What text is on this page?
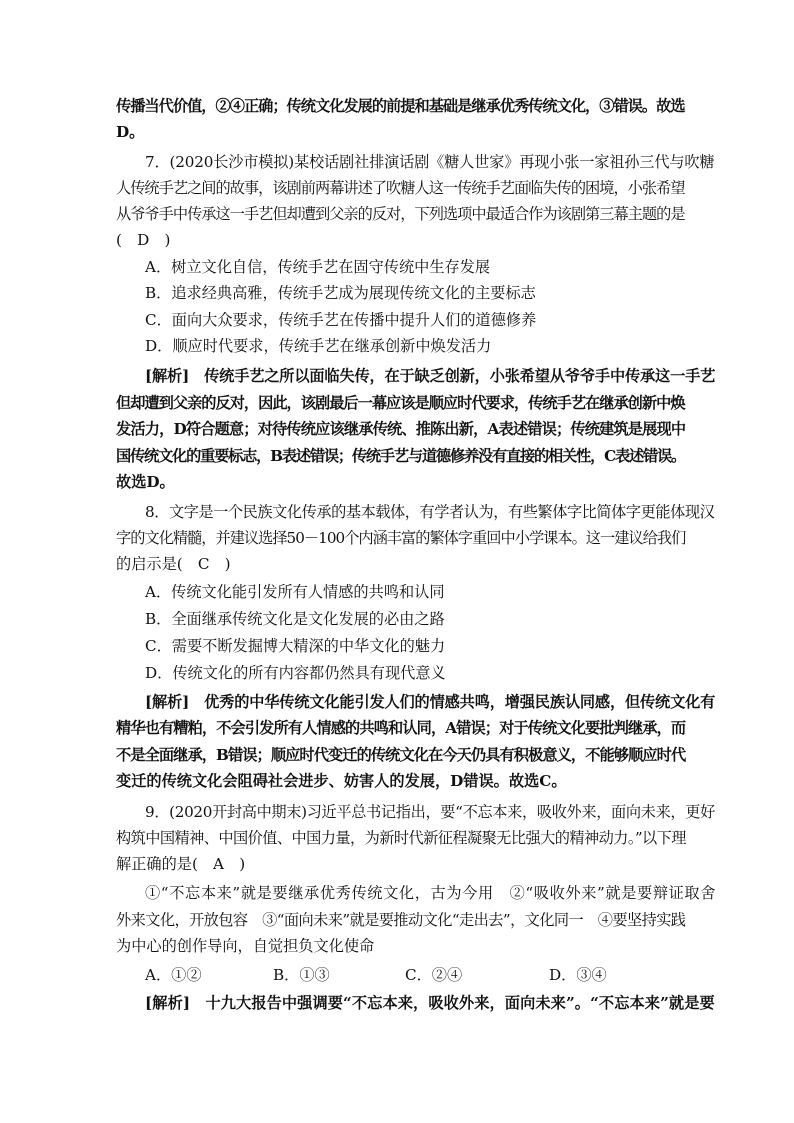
传播当代价值，②④正确；传统文化发展的前提和基础是继承优秀传统文化，③错误。故选
D。
7．(2020长沙市模拟)某校话剧社排演话剧《糖人世家》再现小张一家祖孙三代与吹糖
人传统手艺之间的故事，该剧前两幕讲述了吹糖人这一传统手艺面临失传的困境，小张希望
从爷爷手中传承这一手艺但却遭到父亲的反对，下列选项中最适合作为该剧第三幕主题的是
(　D　)
A．树立文化自信，传统手艺在固守传统中生存发展
B．追求经典高雅，传统手艺成为展现传统文化的主要标志
C．面向大众要求，传统手艺在传播中提升人们的道德修养
D．顺应时代要求，传统手艺在继承创新中焕发活力
[解析]　传统手艺之所以面临失传，在于缺乏创新，小张希望从爷爷手中传承这一手艺
但却遭到父亲的反对，因此，该剧最后一幕应该是顺应时代要求，传统手艺在继承创新中焕
发活力，D符合题意；对待传统应该继承传统、推陈出新，A表述错误；传统建筑是展现中
国传统文化的重要标志，B表述错误；传统手艺与道德修养没有直接的相关性，C表述错误。
故选D。
8．文字是一个民族文化传承的基本载体，有学者认为，有些繁体字比简体字更能体现汉
字的文化精髓，并建议选择50－100个内涵丰富的繁体字重回中小学课本。这一建议给我们
的启示是(　C　)
A．传统文化能引发所有人情感的共鸣和认同
B．全面继承传统文化是文化发展的必由之路
C．需要不断发掘博大精深的中华文化的魅力
D．传统文化的所有内容都仍然具有现代意义
[解析]　优秀的中华传统文化能引发人们的情感共鸣，增强民族认同感，但传统文化有
精华也有糟粕，不会引发所有人情感的共鸣和认同，A错误；对于传统文化要批判继承，而
不是全面继承，B错误；顺应时代变迁的传统文化在今天仍具有积极意义，不能够顺应时代
变迁的传统文化会阻碍社会进步、妨害人的发展，D错误。故选C。
9．(2020开封高中期末)习近平总书记指出，要“不忘本来，吸收外来，面向未来，更好
构筑中国精神、中国价值、中国力量，为新时代新征程凝聚无比强大的精神动力。”以下理
解正确的是(　A　)
①“不忘本来”就是要继承优秀传统文化，古为今用　②“吸收外来”就是要辩证取舍
外来文化，开放包容　③“面向未来”就是要推动文化“走出去”，文化同一　④要坚持实践
为中心的创作导向，自觉担负文化使命
A．①②	B．①③	C．②④	D．③④
[解析]　十九大报告中强调要“不忘本来，吸收外来，面向未来”。“不忘本来”就是要
